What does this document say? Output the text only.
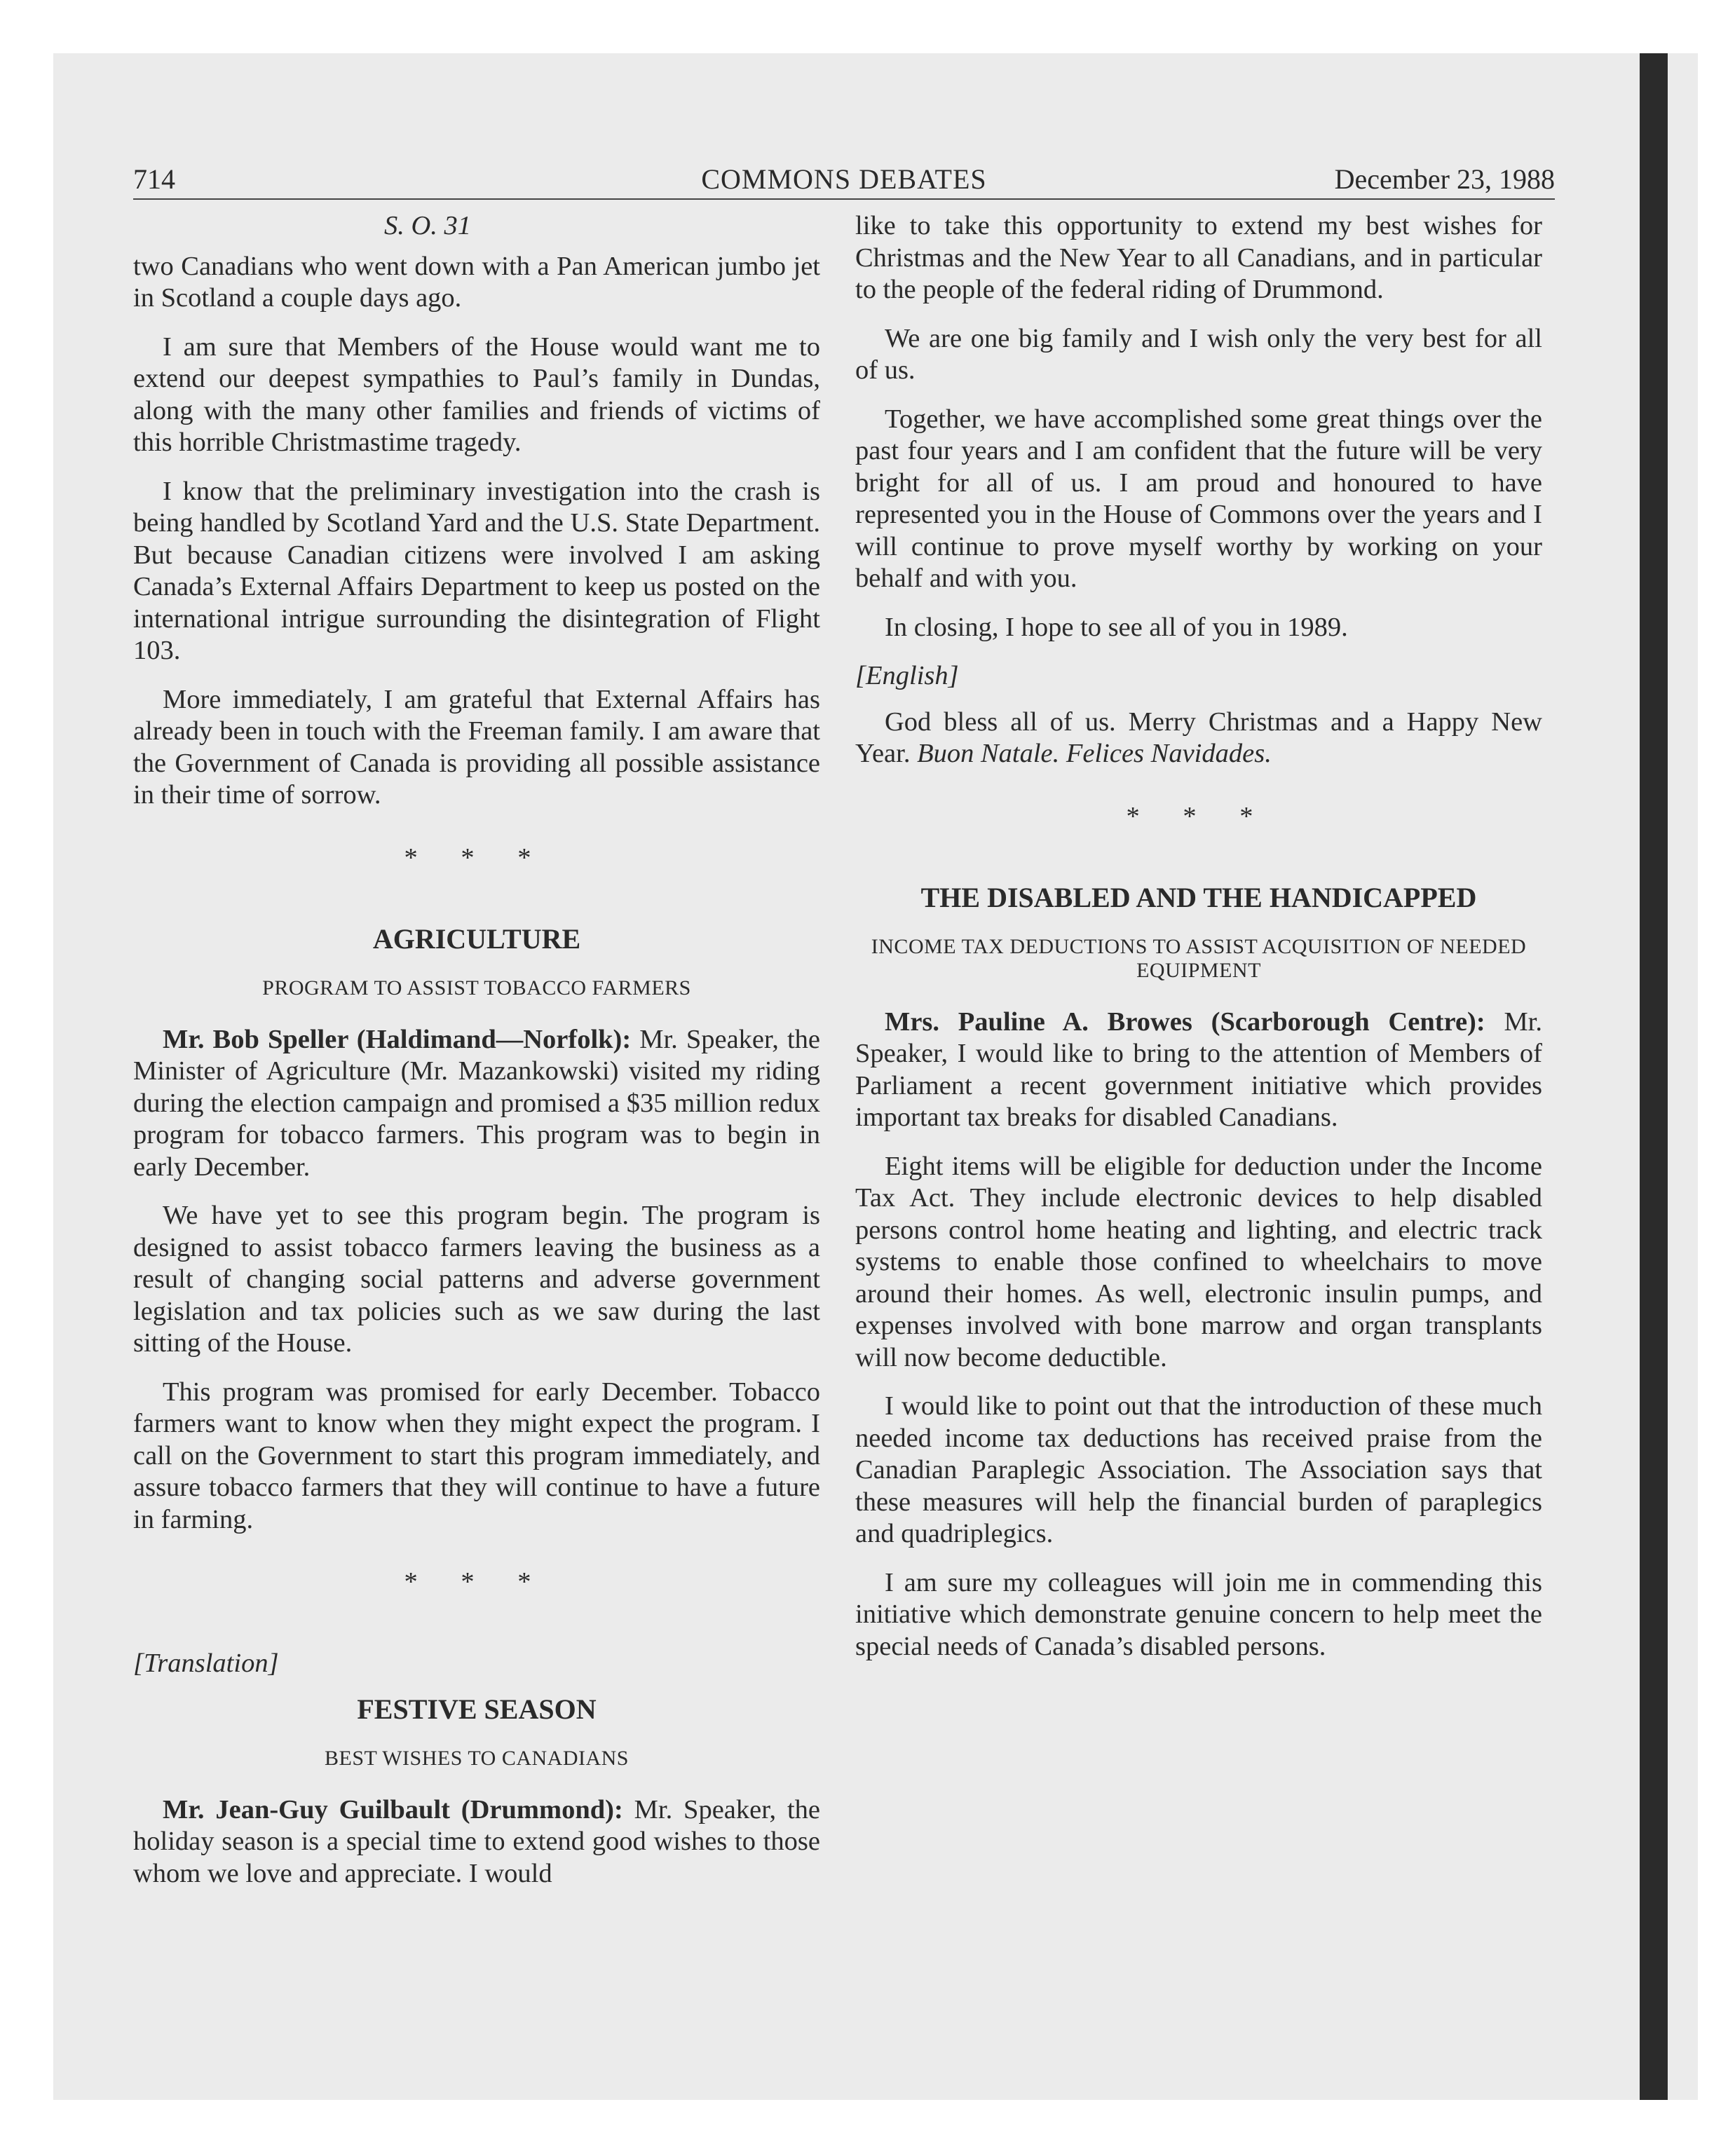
714	COMMONS DEBATES	December 23, 1988
S. O. 31

two Canadians who went down with a Pan American jumbo jet in Scotland a couple days ago.

I am sure that Members of the House would want me to extend our deepest sympathies to Paul’s family in Dundas, along with the many other families and friends of victims of this horrible Christmastime tragedy.

I know that the preliminary investigation into the crash is being handled by Scotland Yard and the U.S. State Department. But because Canadian citizens were involved I am asking Canada’s External Affairs Department to keep us posted on the international intrigue surrounding the disintegration of Flight 103.

More immediately, I am grateful that External Affairs has already been in touch with the Freeman family. I am aware that the Government of Canada is providing all possible assistance in their time of sorrow.

* * *
AGRICULTURE
PROGRAM TO ASSIST TOBACCO FARMERS

Mr. Bob Speller (Haldimand—Norfolk): Mr. Speaker, the Minister of Agriculture (Mr. Mazankowski) visited my riding during the election campaign and promised a $35 million redux program for tobacco farmers. This program was to begin in early December.

We have yet to see this program begin. The program is designed to assist tobacco farmers leaving the business as a result of changing social patterns and adverse government legislation and tax policies such as we saw during the last sitting of the House.

This program was promised for early December. Tobacco farmers want to know when they might expect the program. I call on the Government to start this program immediately, and assure tobacco farmers that they will continue to have a future in farming.

* * *
[Translation]
FESTIVE SEASON
BEST WISHES TO CANADIANS

Mr. Jean-Guy Guilbault (Drummond): Mr. Speaker, the holiday season is a special time to extend good wishes to those whom we love and appreciate. I would

like to take this opportunity to extend my best wishes for Christmas and the New Year to all Canadians, and in particular to the people of the federal riding of Drummond.

We are one big family and I wish only the very best for all of us.

Together, we have accomplished some great things over the past four years and I am confident that the future will be very bright for all of us. I am proud and honoured to have represented you in the House of Commons over the years and I will continue to prove myself worthy by working on your behalf and with you.

In closing, I hope to see all of you in 1989.

[English]

God bless all of us. Merry Christmas and a Happy New Year. Buon Natale. Felices Navidades.

* * *
THE DISABLED AND THE HANDICAPPED
INCOME TAX DEDUCTIONS TO ASSIST ACQUISITION OF NEEDED EQUIPMENT

Mrs. Pauline A. Browes (Scarborough Centre): Mr. Speaker, I would like to bring to the attention of Members of Parliament a recent government initiative which provides important tax breaks for disabled Canadians.

Eight items will be eligible for deduction under the Income Tax Act. They include electronic devices to help disabled persons control home heating and lighting, and electric track systems to enable those confined to wheelchairs to move around their homes. As well, electronic insulin pumps, and expenses involved with bone marrow and organ transplants will now become deductible.

I would like to point out that the introduction of these much needed income tax deductions has received praise from the Canadian Paraplegic Association. The Association says that these measures will help the financial burden of paraplegics and quadriplegics.

I am sure my colleagues will join me in commending this initiative which demonstrate genuine concern to help meet the special needs of Canada’s disabled persons.
